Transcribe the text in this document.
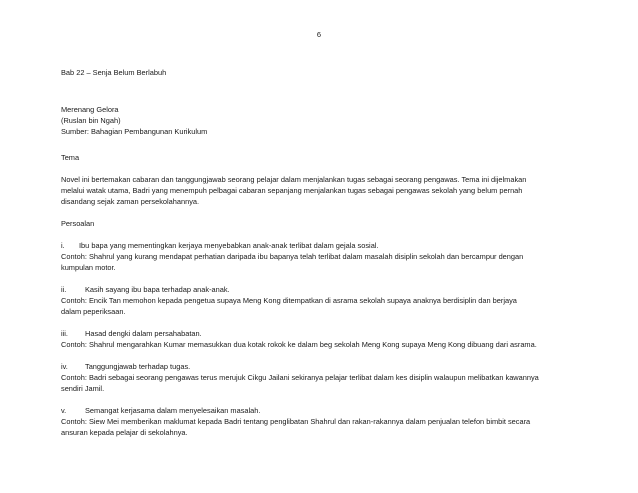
6

Bab 22 – Senja Belum Berlabuh

Merenang Gelora

(Ruslan bin Ngah)

Sumber: Bahagian Pembangunan Kurikulum

Tema

Novel ini bertemakan cabaran dan tanggungjawab seorang pelajar dalam menjalankan tugas sebagai seorang pengawas. Tema ini dijelmakan

melalui watak utama, Badri yang menempuh pelbagai cabaran sepanjang menjalankan tugas sebagai pengawas sekolah yang belum pernah

disandang sejak zaman persekolahannya.

Persoalan

i. Ibu bapa yang mementingkan kerjaya menyebabkan anak-anak terlibat dalam gejala sosial.

Contoh: Shahrul yang kurang mendapat perhatian daripada ibu bapanya telah terlibat dalam masalah disiplin sekolah dan bercampur dengan

kumpulan motor.

ii.	Kasih sayang ibu bapa terhadap anak-anak.

Contoh: Encik Tan memohon kepada pengetua supaya Meng Kong ditempatkan di asrama sekolah supaya anaknya berdisiplin dan berjaya

dalam peperiksaan.

iii. Hasad dengki dalam persahabatan.

Contoh: Shahrul mengarahkan Kumar memasukkan dua kotak rokok ke dalam beg sekolah Meng Kong supaya Meng Kong dibuang dari asrama.

iv. Tanggungjawab terhadap tugas.

Contoh: Badri sebagai seorang pengawas terus merujuk Cikgu Jailani sekiranya pelajar terlibat dalam kes disiplin walaupun melibatkan kawannya

sendiri Jamil.

v.	Semangat kerjasama dalam menyelesaikan masalah.

Contoh: Siew Mei memberikan maklumat kepada Badri tentang penglibatan Shahrul dan rakan-rakannya dalam penjualan telefon bimbit secara

ansuran kepada pelajar di sekolahnya.
